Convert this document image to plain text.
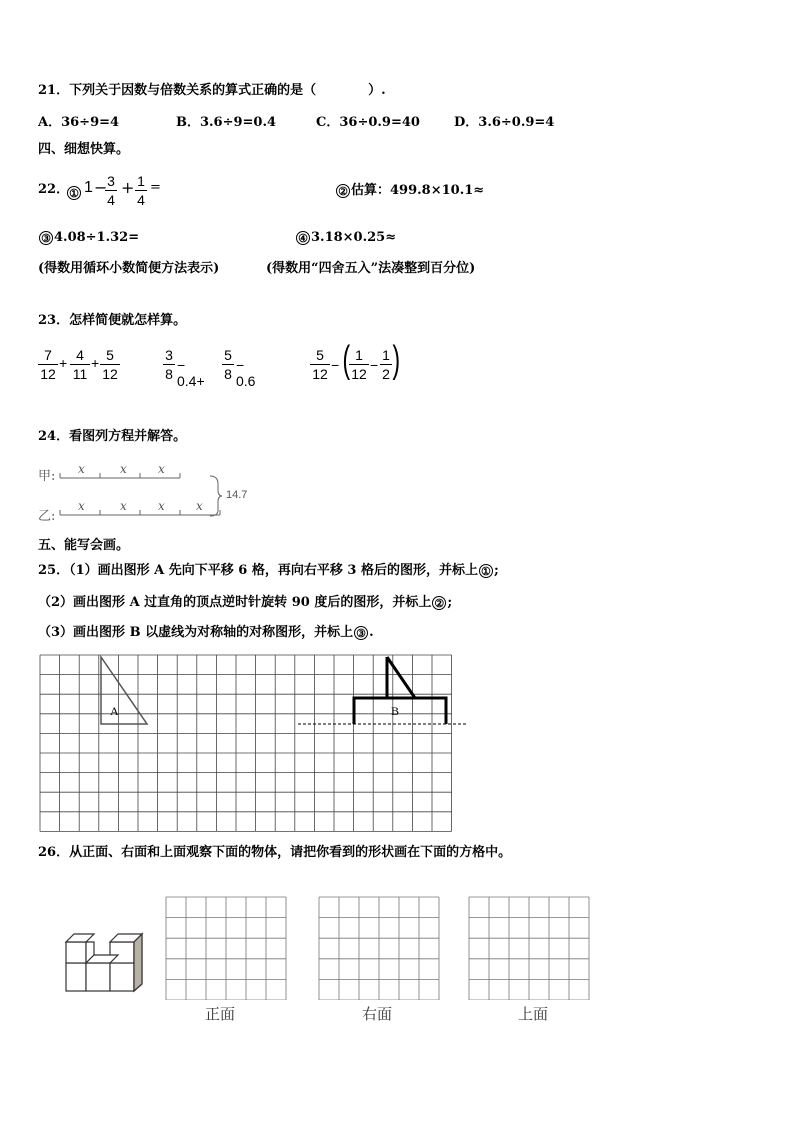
21．下列关于因数与倍数关系的算式正确的是（　　　　）.
A．36÷9=4	B．3.6÷9=0.4	C．36÷0.9=40	D．3.6÷0.9=4
四、细想快算。
22． ① 1 − 3
4
+ 1
4
=	② 估算：499.8×10.1≈
③ 4.08÷1.32=	④ 3.18×0.25≈
(得数用循环小数简便方法表示)	(得数用“四舍五入”法凑整到百分位)
23．怎样简便就怎样算。
7
12
+ 4
11
+ 5
12
3
8
− 0.4+
5
8
− 0.6
5
12
− ( 1
12
−
1
2 )
24．看图列方程并解答。
甲:
乙:
x	x	x
x	x	x	x
14.7
五、能写会画。
25．（1）画出图形 A 先向下平移 6 格，再向右平移 3 格后的图形，并标上 ① ;
（2）画出图形 A 过直角的顶点逆时针旋转 90 度后的图形，并标上 ② ;
（3）画出图形 B 以虚线为对称轴的对称图形，并标上 ③ .
A	B
26．从正面、右面和上面观察下面的物体，请把你看到的形状画在下面的方格中。
正面	右面	上面
